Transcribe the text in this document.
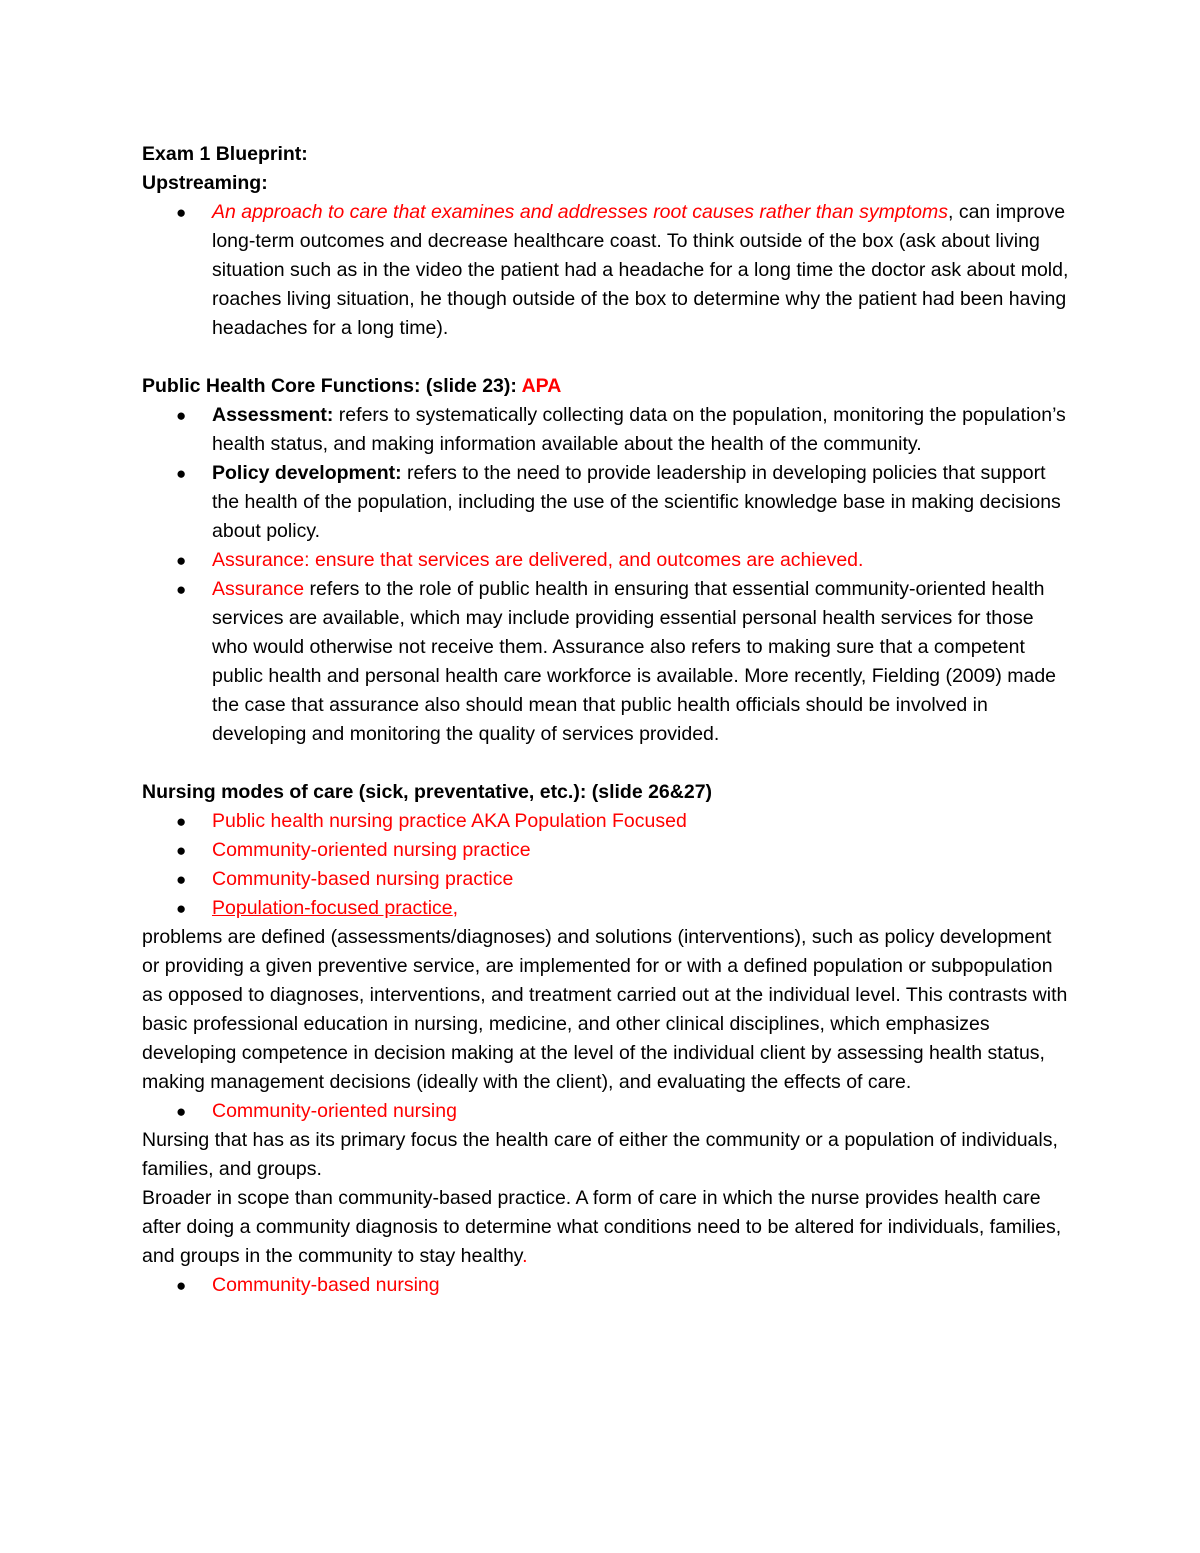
Exam 1 Blueprint:

Upstreaming:

● An approach to care that examines and addresses root causes rather than symptoms, can improve long-term outcomes and decrease healthcare coast. To think outside of the box (ask about living situation such as in the video the patient had a headache for a long time the doctor ask about mold, roaches living situation, he though outside of the box to determine why the patient had been having headaches for a long time).

Public Health Core Functions: (slide 23): APA

● Assessment: refers to systematically collecting data on the population, monitoring the population’s health status, and making information available about the health of the community.
● Policy development: refers to the need to provide leadership in developing policies that support the health of the population, including the use of the scientific knowledge base in making decisions about policy.
● Assurance: ensure that services are delivered, and outcomes are achieved.
● Assurance refers to the role of public health in ensuring that essential community-oriented health services are available, which may include providing essential personal health services for those who would otherwise not receive them. Assurance also refers to making sure that a competent public health and personal health care workforce is available. More recently, Fielding (2009) made the case that assurance also should mean that public health officials should be involved in developing and monitoring the quality of services provided.

Nursing modes of care (sick, preventative, etc.): (slide 26&27)

● Public health nursing practice AKA Population Focused
● Community-oriented nursing practice
● Community-based nursing practice
● Population-focused practice,

problems are defined (assessments/diagnoses) and solutions (interventions), such as policy development or providing a given preventive service, are implemented for or with a defined population or subpopulation as opposed to diagnoses, interventions, and treatment carried out at the individual level. This contrasts with basic professional education in nursing, medicine, and other clinical disciplines, which emphasizes developing competence in decision making at the level of the individual client by assessing health status, making management decisions (ideally with the client), and evaluating the effects of care.

● Community-oriented nursing

Nursing that has as its primary focus the health care of either the community or a population of individuals, families, and groups.

Broader in scope than community-based practice. A form of care in which the nurse provides health care after doing a community diagnosis to determine what conditions need to be altered for individuals, families, and groups in the community to stay healthy.

● Community-based nursing
